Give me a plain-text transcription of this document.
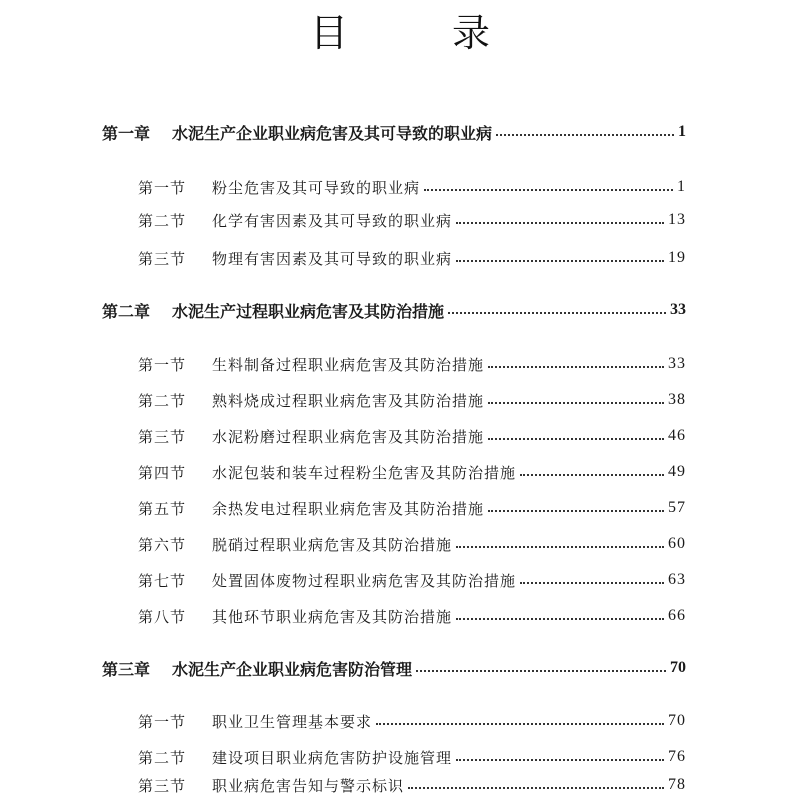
目 录
第一章	水泥生产企业职业病危害及其可导致的职业病	1
第一节	粉尘危害及其可导致的职业病	1
第二节	化学有害因素及其可导致的职业病	13
第三节	物理有害因素及其可导致的职业病	19
第二章	水泥生产过程职业病危害及其防治措施	33
第一节	生料制备过程职业病危害及其防治措施	33
第二节	熟料烧成过程职业病危害及其防治措施	38
第三节	水泥粉磨过程职业病危害及其防治措施	46
第四节	水泥包装和装车过程粉尘危害及其防治措施	49
第五节	余热发电过程职业病危害及其防治措施	57
第六节	脱硝过程职业病危害及其防治措施	60
第七节	处置固体废物过程职业病危害及其防治措施	63
第八节	其他环节职业病危害及其防治措施	66
第三章	水泥生产企业职业病危害防治管理	70
第一节	职业卫生管理基本要求	70
第二节	建设项目职业病危害防护设施管理	76
第三节	职业病危害告知与警示标识	78
